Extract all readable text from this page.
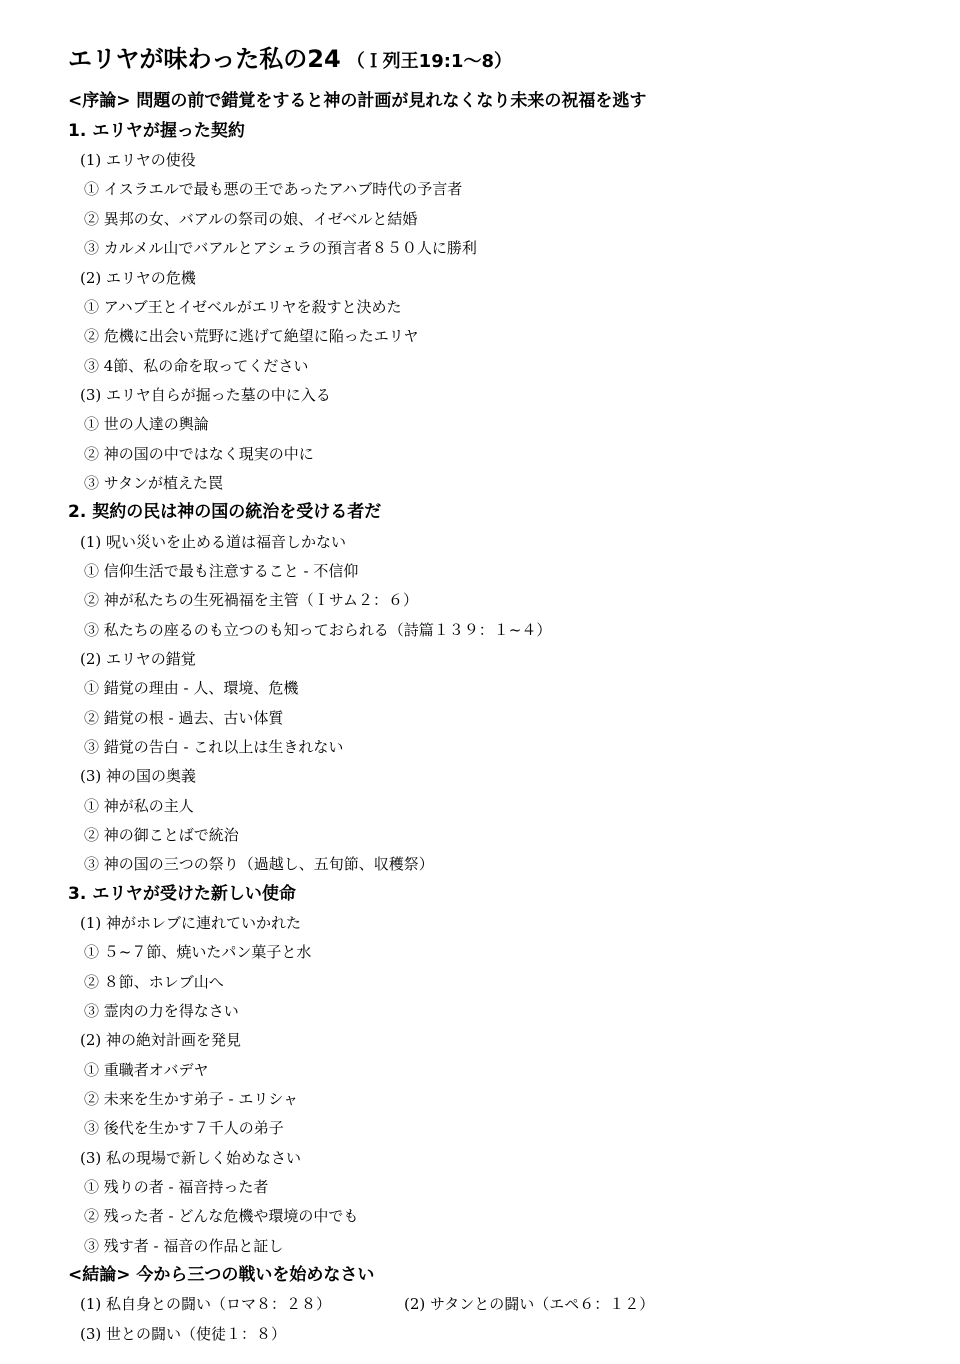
エリヤが味わった私の24 （Ｉ列王19:1～8）
<序論> 問題の前で錯覚をすると神の計画が見れなくなり未来の祝福を逃す
1. エリヤが握った契約
(1) エリヤの使役
① イスラエルで最も悪の王であったアハブ時代の予言者
② 異邦の女、バアルの祭司の娘、イゼベルと結婚
③ カルメル山でバアルとアシェラの預言者８５０人に勝利
(2) エリヤの危機
① アハブ王とイゼベルがエリヤを殺すと決めた
② 危機に出会い荒野に逃げて絶望に陥ったエリヤ
③ 4節、私の命を取ってください
(3) エリヤ自らが掘った墓の中に入る
① 世の人達の輿論
② 神の国の中ではなく現実の中に
③ サタンが植えた罠
2. 契約の民は神の国の統治を受ける者だ
(1) 呪い災いを止める道は福音しかない
① 信仰生活で最も注意すること - 不信仰
② 神が私たちの生死禍福を主管（Ｉサム２：６）
③ 私たちの座るのも立つのも知っておられる（詩篇１３９：１~４）
(2) エリヤの錯覚
① 錯覚の理由 - 人、環境、危機
② 錯覚の根 - 過去、古い体質
③ 錯覚の告白 - これ以上は生きれない
(3) 神の国の奥義
① 神が私の主人
② 神の御ことばで統治
③ 神の国の三つの祭り（過越し、五旬節、収穫祭）
3. エリヤが受けた新しい使命
(1) 神がホレブに連れていかれた
① ５~７節、焼いたパン菓子と水
② ８節、ホレブ山へ
③ 霊肉の力を得なさい
(2) 神の絶対計画を発見
① 重職者オバデヤ
② 未来を生かす弟子 - エリシャ
③ 後代を生かす７千人の弟子
(3) 私の現場で新しく始めなさい
① 残りの者 - 福音持った者
② 残った者 - どんな危機や環境の中でも
③ 残す者 - 福音の作品と証し
<結論> 今から三つの戦いを始めなさい
(1) 私自身との闘い（ロマ８：２８）	(2) サタンとの闘い（エペ６：１２）
(3) 世との闘い（使徒１：８）
